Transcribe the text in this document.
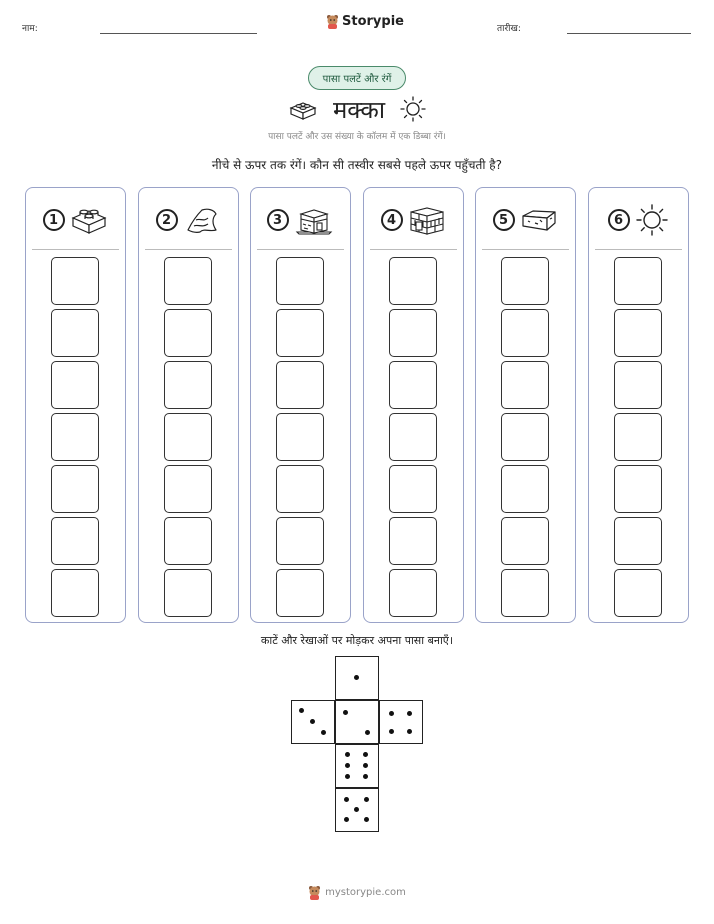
नाम:	Storypie	तारीख:
पासा पलटें और रंगें
मक्का
पासा पलटें और उस संख्या के कॉलम में एक डिब्बा रंगें।
नीचे से ऊपर तक रंगें। कौन सी तस्वीर सबसे पहले ऊपर पहुँचती है?
1	2	3	4	5	6
काटें और रेखाओं पर मोड़कर अपना पासा बनाएँ।
mystorypie.com
